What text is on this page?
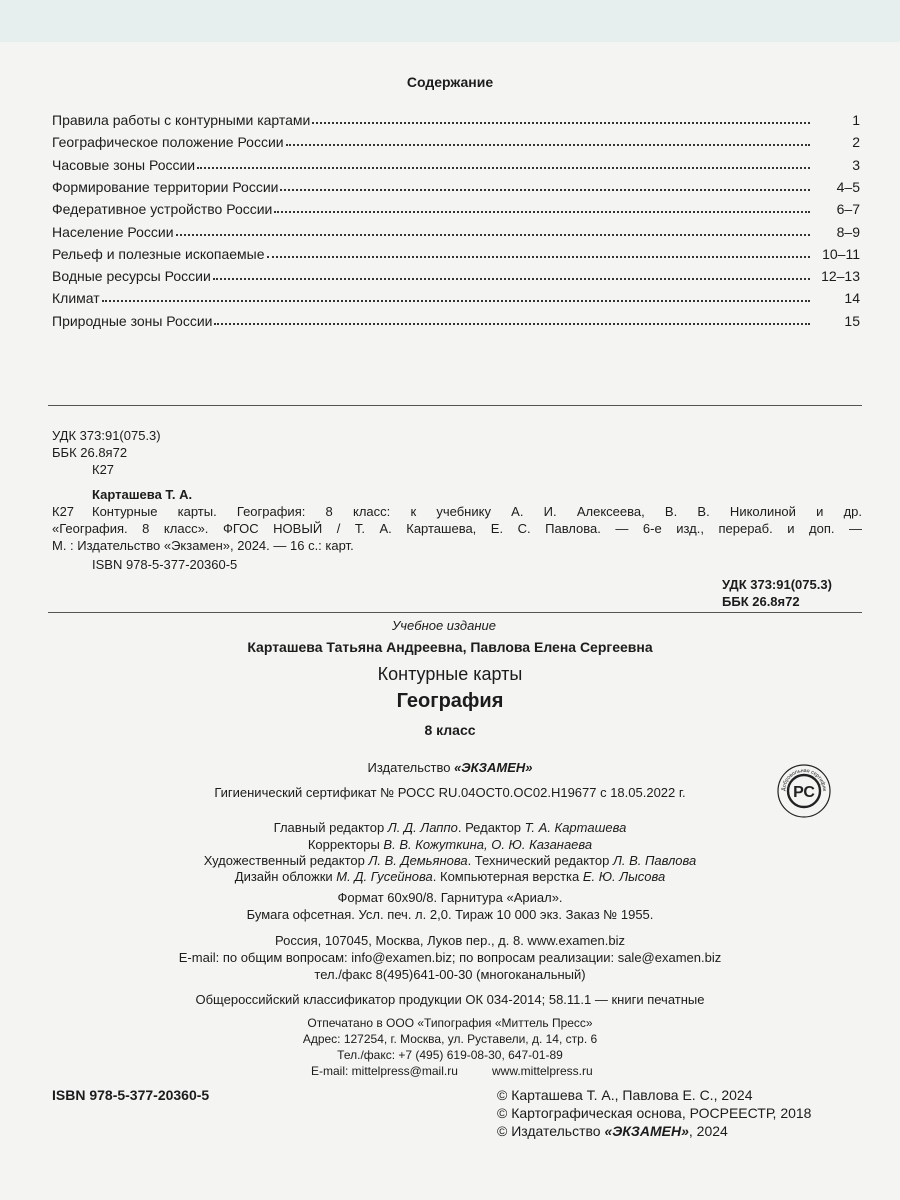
Содержание
Правила работы с контурными картами	1
Географическое положение России	2
Часовые зоны России	3
Формирование территории России	4–5
Федеративное устройство России	6–7
Население России	8–9
Рельеф и полезные ископаемые	10–11
Водные ресурсы России	12–13
Климат	14
Природные зоны России	15
УДК 373:91(075.3)
ББК 26.8я72
К27
Карташева Т. А.
К27 Контурные карты. География: 8 класс: к учебнику А. И. Алексеева, В. В. Николиной и др.
«География. 8 класс». ФГОС НОВЫЙ / Т. А. Карташева, Е. С. Павлова. — 6-е изд., перераб. и доп. —
М. : Издательство «Экзамен», 2024. — 16 с.: карт.
ISBN 978-5-377-20360-5
УДК 373:91(075.3)
ББК 26.8я72
Учебное издание
Карташева Татьяна Андреевна, Павлова Елена Сергеевна
Контурные карты
География
8 класс
Издательство «ЭКЗАМЕН»
Гигиенический сертификат № РОСС RU.04ОСТ0.ОС02.Н19677 с 18.05.2022 г.	РС
Добровольная сертифик
Главный редактор Л. Д. Лаппо. Редактор Т. А. Карташева
Корректоры В. В. Кожуткина, О. Ю. Казанаева
Художественный редактор Л. В. Демьянова. Технический редактор Л. В. Павлова
Дизайн обложки М. Д. Гусейнова. Компьютерная верстка Е. Ю. Лысова
Формат 60х90/8. Гарнитура «Ариал».
Бумага офсетная. Усл. печ. л. 2,0. Тираж 10 000 экз. Заказ № 1955.
Россия, 107045, Москва, Луков пер., д. 8. www.examen.biz
E-mail: по общим вопросам: info@examen.biz; по вопросам реализации: sale@examen.biz
тел./факс 8(495)641-00-30 (многоканальный)
Общероссийский классификатор продукции ОК 034-2014; 58.11.1 — книги печатные
Отпечатано в ООО «Типография «Миттель Пресс»
Адрес: 127254, г. Москва, ул. Руставели, д. 14, стр. 6
Тел./факс: +7 (495) 619-08-30, 647-01-89
E-mail: mittelpress@mail.ru	www.mittelpress.ru
ISBN 978-5-377-20360-5	© Карташева Т. А., Павлова Е. С., 2024
© Картографическая основа, РОСРЕЕСТР, 2018
© Издательство «ЭКЗАМЕН», 2024
